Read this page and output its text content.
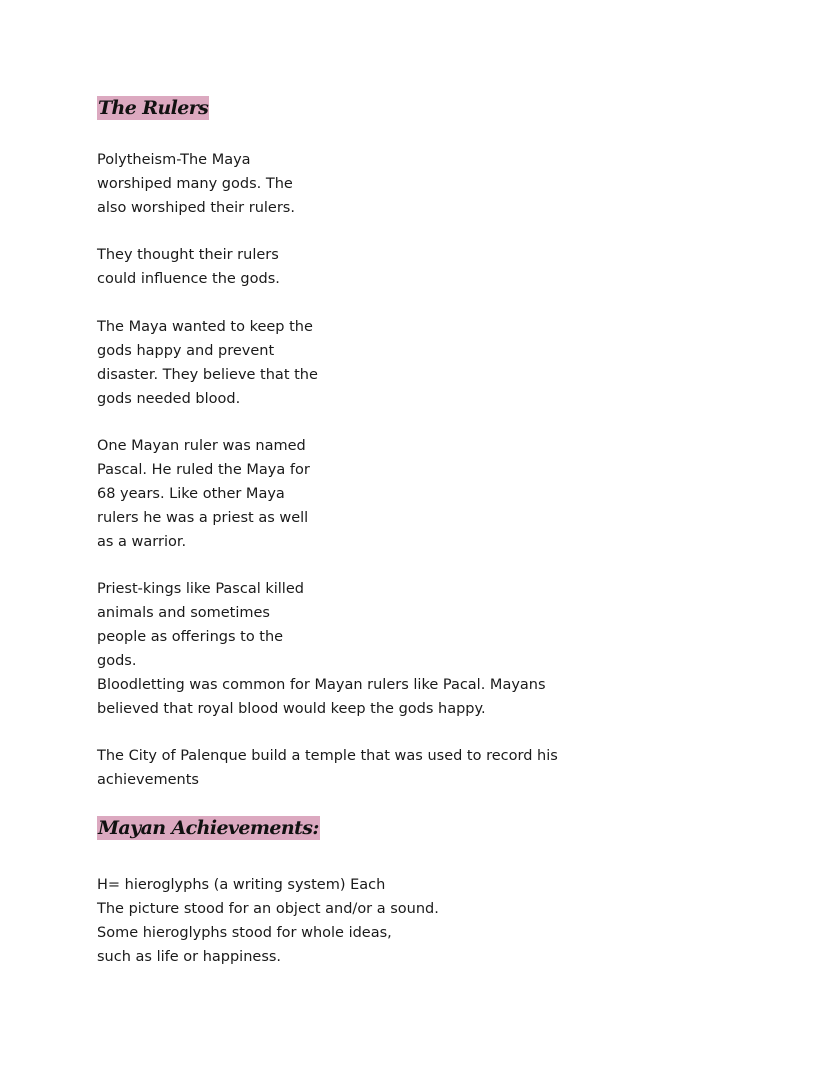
The Rulers
Polytheism-The Maya
worshiped many gods. The
also worshiped their rulers.
They thought their rulers
could influence the gods.
The Maya wanted to keep the
gods happy and prevent
disaster. They believe that the
gods needed blood.
One Mayan ruler was named
Pascal. He ruled the Maya for
68 years. Like other Maya
rulers he was a priest as well
as a warrior.
Priest-kings like Pascal killed
animals and sometimes
people as offerings to the
gods.
Bloodletting was common for Mayan rulers like Pacal. Mayans
believed that royal blood would keep the gods happy.
The City of Palenque build a temple that was used to record his
achievements
Mayan Achievements:
H= hieroglyphs (a writing system) Each
The picture stood for an object and/or a sound.
Some hieroglyphs stood for whole ideas,
such as life or happiness.
